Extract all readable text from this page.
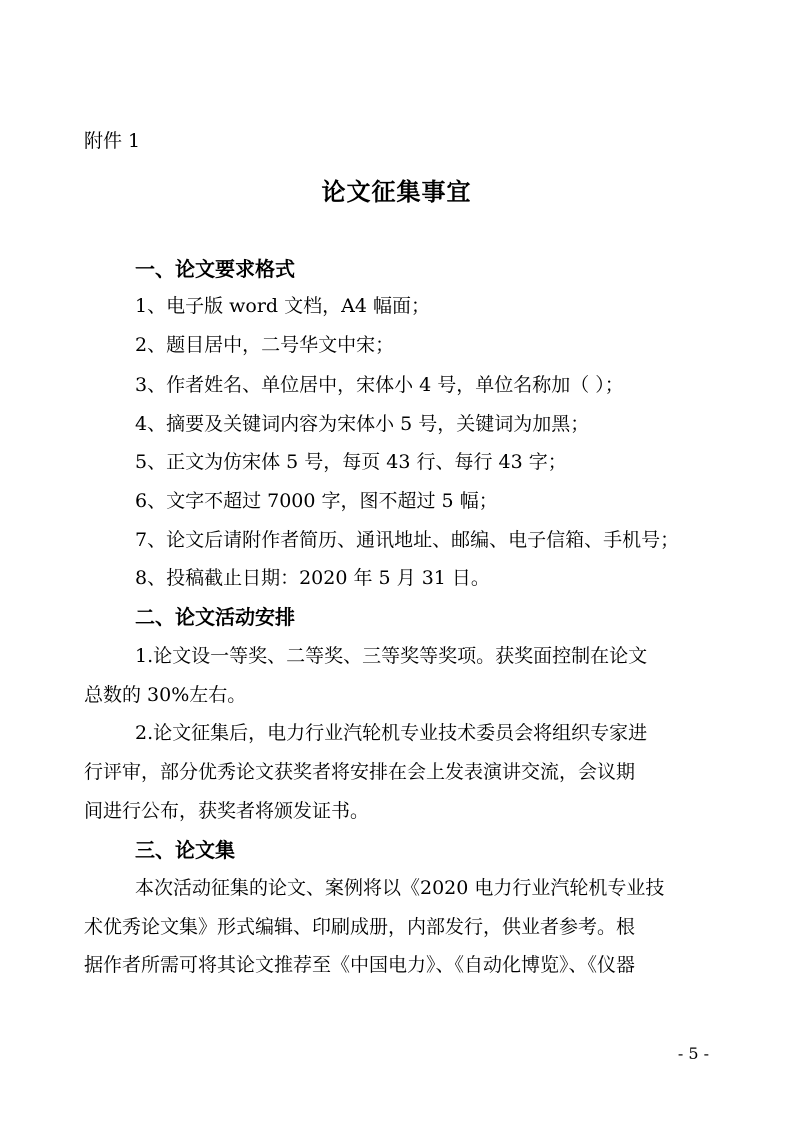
附件 1
论文征集事宜
一、论文要求格式
1、电子版 word 文档，A4 幅面；
2、题目居中，二号华文中宋；
3、作者姓名、单位居中，宋体小 4 号，单位名称加（ ）；
4、摘要及关键词内容为宋体小 5 号，关键词为加黑；
5、正文为仿宋体 5 号，每页 43 行、每行 43 字；
6、文字不超过 7000 字，图不超过 5 幅；
7、论文后请附作者简历、通讯地址、邮编、电子信箱、手机号；
8、投稿截止日期：2020 年 5 月 31 日。
二、论文活动安排
1.论文设一等奖、二等奖、三等奖等奖项。获奖面控制在论文
总数的 30%左右。
2.论文征集后，电力行业汽轮机专业技术委员会将组织专家进
行评审，部分优秀论文获奖者将安排在会上发表演讲交流，会议期
间进行公布，获奖者将颁发证书。
三、论文集
本次活动征集的论文、案例将以《2020 电力行业汽轮机专业技
术优秀论文集》形式编辑、印刷成册，内部发行，供业者参考。根
据作者所需可将其论文推荐至《中国电力》、《自动化博览》、《仪器
- 5 -
